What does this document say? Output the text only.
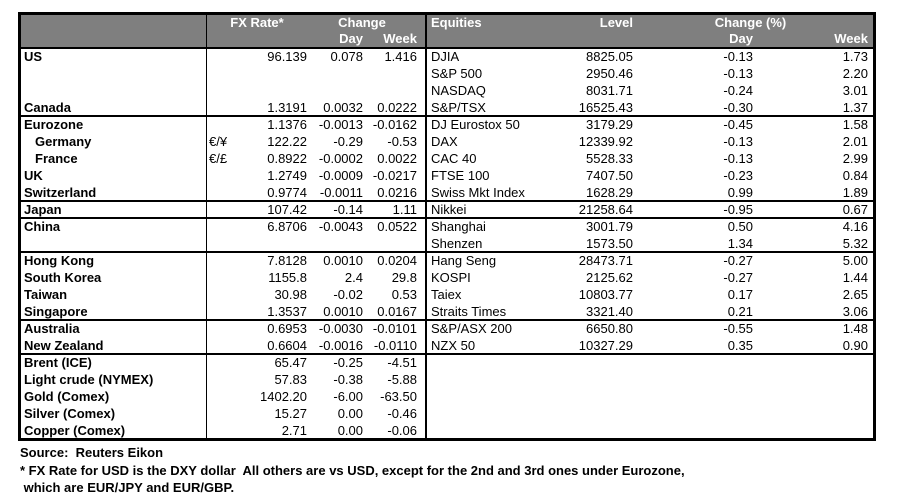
FX Rate*	Change
Day	Week
US	96.139	0.078	1.416
Canada	1.3191	0.0032	0.0222
Eurozone	1.1376 -0.0013 -0.0162
Germany	€/¥	122.22	-0.29	-0.53
France	€/£	0.8922 -0.0002	0.0022
UK	1.2749 -0.0009 -0.0217
Switzerland	0.9774 -0.0011	0.0216
Japan	107.42	-0.14	1.11
China	6.8706 -0.0043	0.0522
Hong Kong	7.8128	0.0010	0.0204
South Korea	1155.8	2.4	29.8
Taiwan	30.98	-0.02	0.53
Singapore	1.3537	0.0010	0.0167
Australia	0.6953 -0.0030 -0.0101
New Zealand	0.6604 -0.0016 -0.0110
Brent (ICE)	65.47	-0.25	-4.51
Light crude (NYMEX)	57.83	-0.38	-5.88
Gold (Comex)	1402.20	-6.00	-63.50
Silver (Comex)	15.27	0.00	-0.46
Copper (Comex)	2.71	0.00	-0.06
Equities	Level	Change (%)
Day	Week
DJIA	8825.05	-0.13	1.73
S&P 500	2950.46	-0.13	2.20
NASDAQ	8031.71	-0.24	3.01
S&P/TSX	16525.43	-0.30	1.37
DJ Eurostox 50	3179.29	-0.45	1.58
DAX	12339.92	-0.13	2.01
CAC 40	5528.33	-0.13	2.99
FTSE 100	7407.50	-0.23	0.84
Swiss Mkt Index	1628.29	0.99	1.89
Nikkei	21258.64	-0.95	0.67
Shanghai	3001.79	0.50	4.16
Shenzen	1573.50	1.34	5.32
Hang Seng	28473.71	-0.27	5.00
KOSPI	2125.62	-0.27	1.44
Taiex	10803.77	0.17	2.65
Straits Times	3321.40	0.21	3.06
S&P/ASX 200	6650.80	-0.55	1.48
NZX 50	10327.29	0.35	0.90
Source:  Reuters Eikon
* FX Rate for USD is the DXY dollar  All others are vs USD, except for the 2nd and 3rd ones under Eurozone,
which are EUR/JPY and EUR/GBP.
